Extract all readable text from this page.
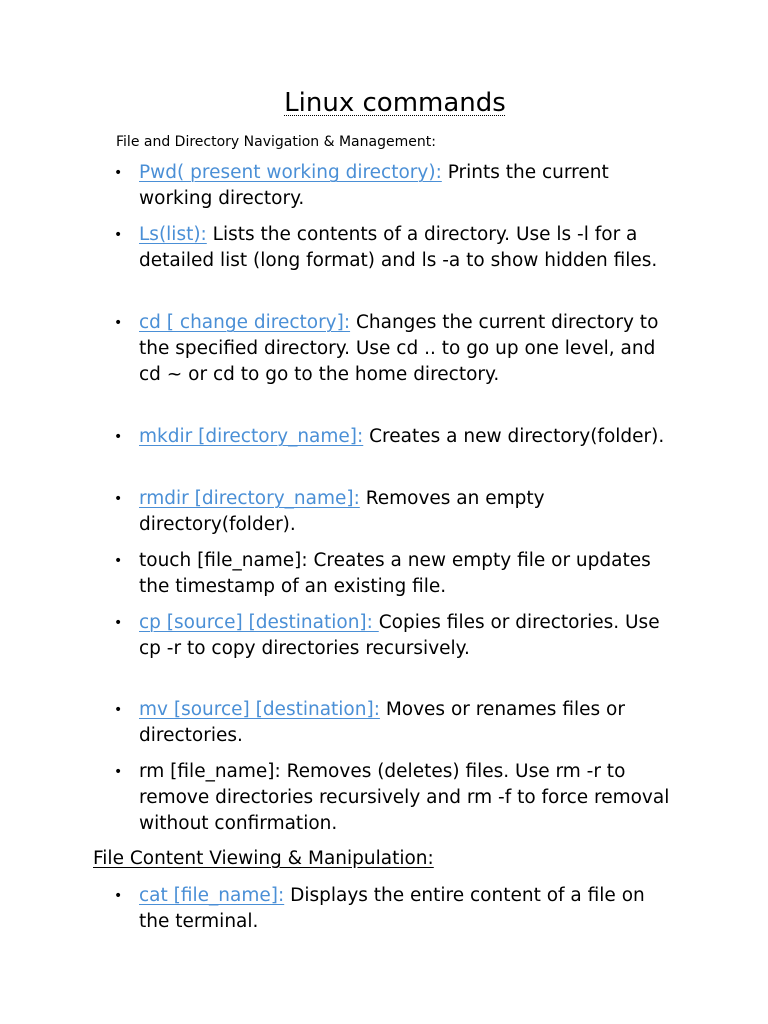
Linux commands

File and Directory Navigation & Management:

• Pwd( present working directory): Prints the current working directory.

• Ls(list): Lists the contents of a directory. Use ls -l for a detailed list (long format) and ls -a to show hidden files.

• cd [ change directory]: Changes the current directory to the specified directory. Use cd .. to go up one level, and cd ~ or cd to go to the home directory.

• mkdir [directory_name]: Creates a new directory(folder).

• rmdir [directory_name]: Removes an empty directory(folder).

• touch [file_name]: Creates a new empty file or updates the timestamp of an existing file.

• cp [source] [destination]: Copies files or directories. Use cp -r to copy directories recursively.

• mv [source] [destination]: Moves or renames files or directories.

• rm [file_name]: Removes (deletes) files. Use rm -r to remove directories recursively and rm -f to force removal without confirmation.

File Content Viewing & Manipulation:
• cat [file_name]: Displays the entire content of a file on the terminal.
